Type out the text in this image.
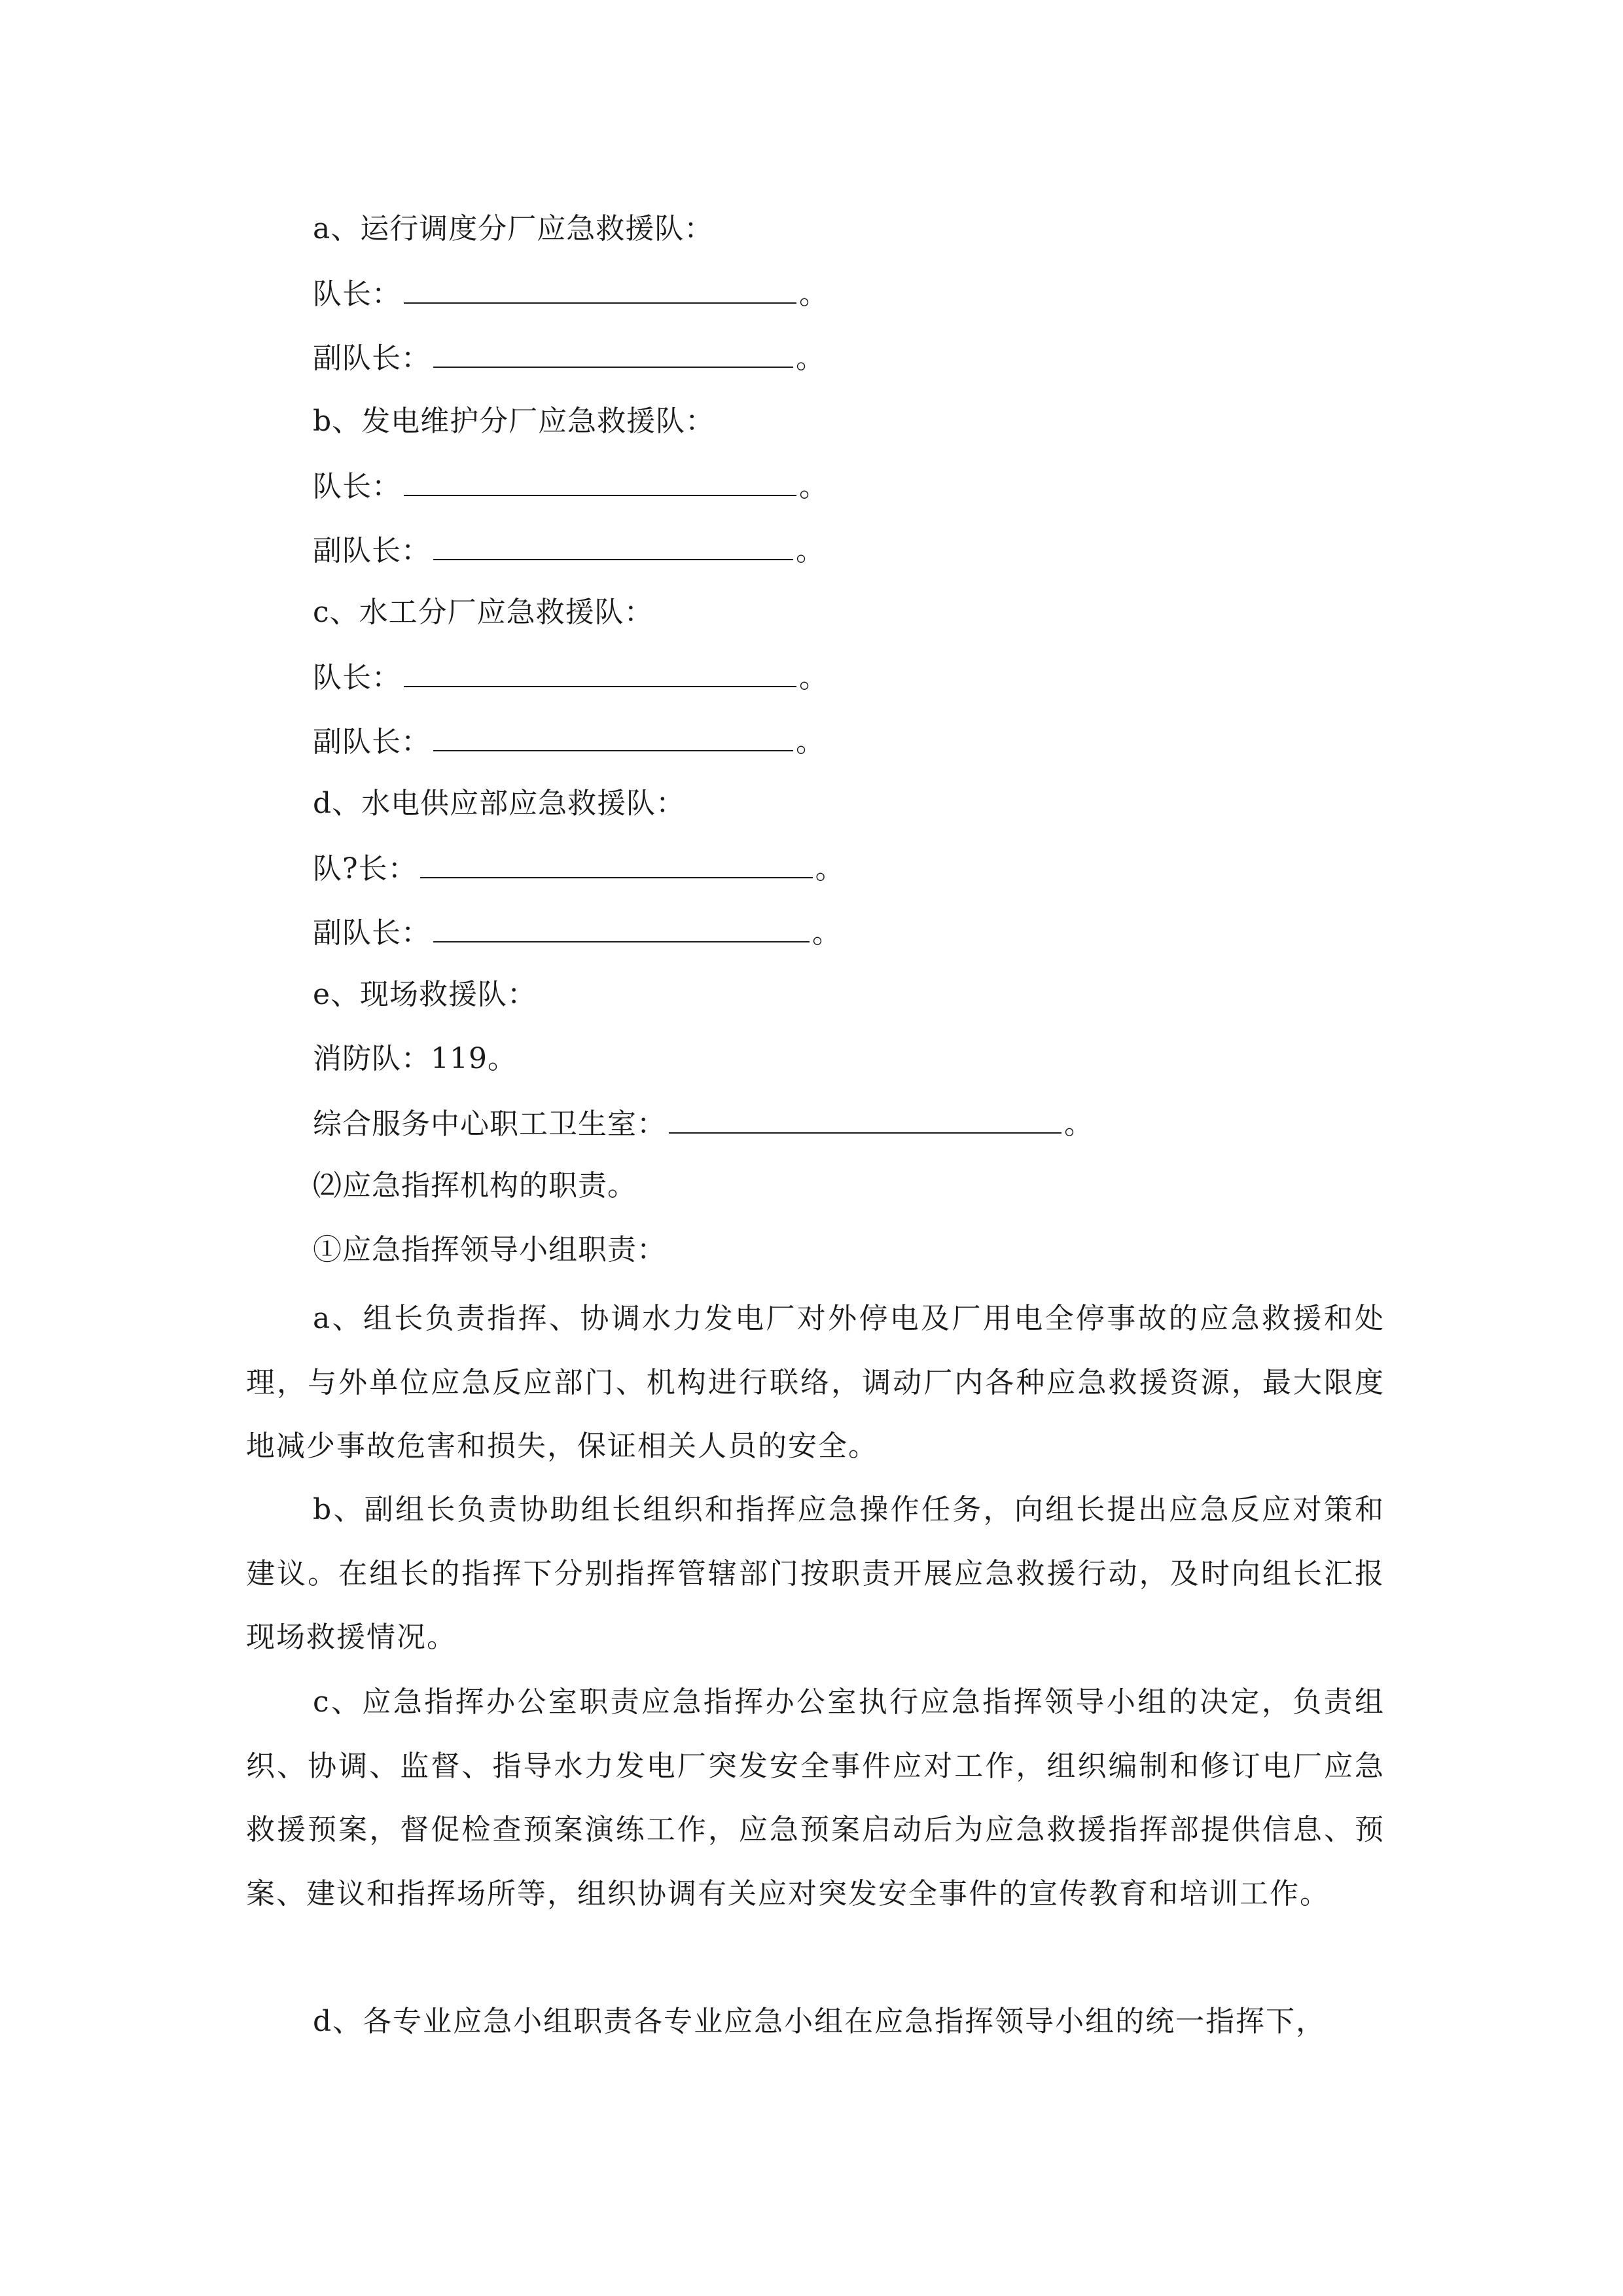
a、运行调度分厂应急救援队：
队长：	。
副队长：	。
b、发电维护分厂应急救援队：
队长：	。
副队长：	。
c、水工分厂应急救援队：
队长：	。
副队长：	。
d、水电供应部应急救援队：
队?长：	。
副队长：	。
e、现场救援队：
消防队：119。
综合服务中心职工卫生室：	。
⑵应急指挥机构的职责。
①应急指挥领导小组职责：

a、组长负责指挥、协调水力发电厂对外停电及厂用电全停事故的应急救援和处理，与外单位应急反应部门、机构进行联络，调动厂内各种应急救援资源，最大限度地减少事故危害和损失，保证相关人员的安全。

b、副组长负责协助组长组织和指挥应急操作任务，向组长提出应急反应对策和建议。在组长的指挥下分别指挥管辖部门按职责开展应急救援行动，及时向组长汇报现场救援情况。

c、应急指挥办公室职责应急指挥办公室执行应急指挥领导小组的决定，负责组织、协调、监督、指导水力发电厂突发安全事件应对工作，组织编制和修订电厂应急救援预案，督促检查预案演练工作，应急预案启动后为应急救援指挥部提供信息、预案、建议和指挥场所等，组织协调有关应对突发安全事件的宣传教育和培训工作。

d、各专业应急小组职责各专业应急小组在应急指挥领导小组的统一指挥下，
